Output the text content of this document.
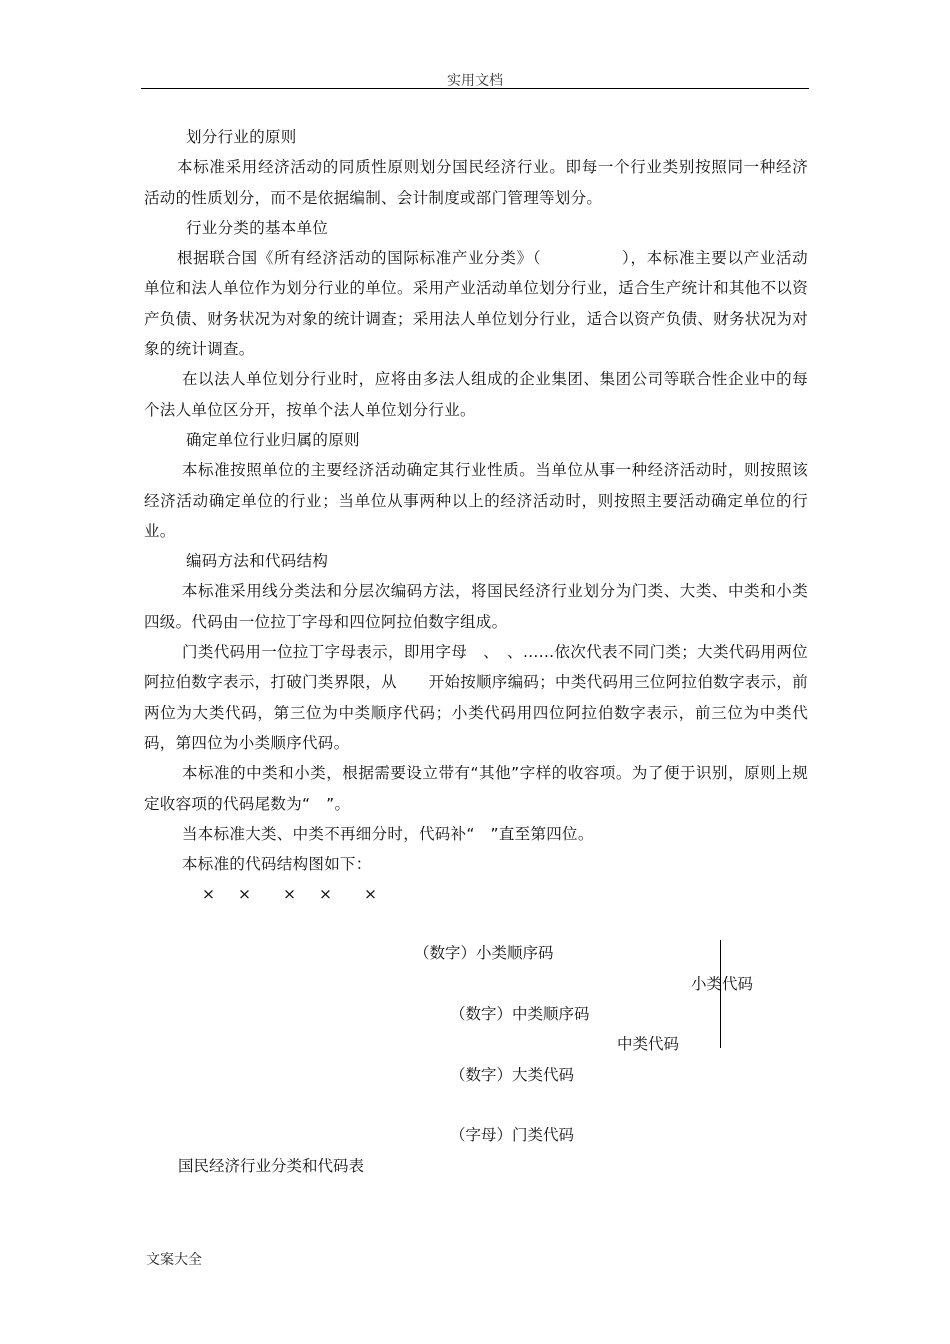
实用文档

划分行业的原则

本标准采用经济活动的同质性原则划分国民经济行业。即每一个行业类别按照同一种经济活动的性质划分，而不是依据编制、会计制度或部门管理等划分。

行业分类的基本单位

根据联合国《所有经济活动的国际标准产业分类》（　　　　　），本标准主要以产业活动单位和法人单位作为划分行业的单位。采用产业活动单位划分行业，适合生产统计和其他不以资产负债、财务状况为对象的统计调查；采用法人单位划分行业，适合以资产负债、财务状况为对象的统计调查。

在以法人单位划分行业时，应将由多法人组成的企业集团、集团公司等联合性企业中的每个法人单位区分开，按单个法人单位划分行业。

确定单位行业归属的原则

本标准按照单位的主要经济活动确定其行业性质。当单位从事一种经济活动时，则按照该经济活动确定单位的行业；当单位从事两种以上的经济活动时，则按照主要活动确定单位的行业。

编码方法和代码结构

本标准采用线分类法和分层次编码方法，将国民经济行业划分为门类、大类、中类和小类四级。代码由一位拉丁字母和四位阿拉伯数字组成。

门类代码用一位拉丁字母表示，即用字母　、　、……依次代表不同门类；大类代码用两位阿拉伯数字表示，打破门类界限，从　　开始按顺序编码；中类代码用三位阿拉伯数字表示，前两位为大类代码，第三位为中类顺序代码；小类代码用四位阿拉伯数字表示，前三位为中类代码，第四位为小类顺序代码。

本标准的中类和小类，根据需要设立带有“其他”字样的收容项。为了便于识别，原则上规定收容项的代码尾数为“　”。

当本标准大类、中类不再细分时，代码补“　”直至第四位。

本标准的代码结构图如下：

× × × × ×

（数字）小类顺序码
小类代码
（数字）中类顺序码
中类代码
（数字）大类代码
（字母）门类代码
国民经济行业分类和代码表
文案大全
